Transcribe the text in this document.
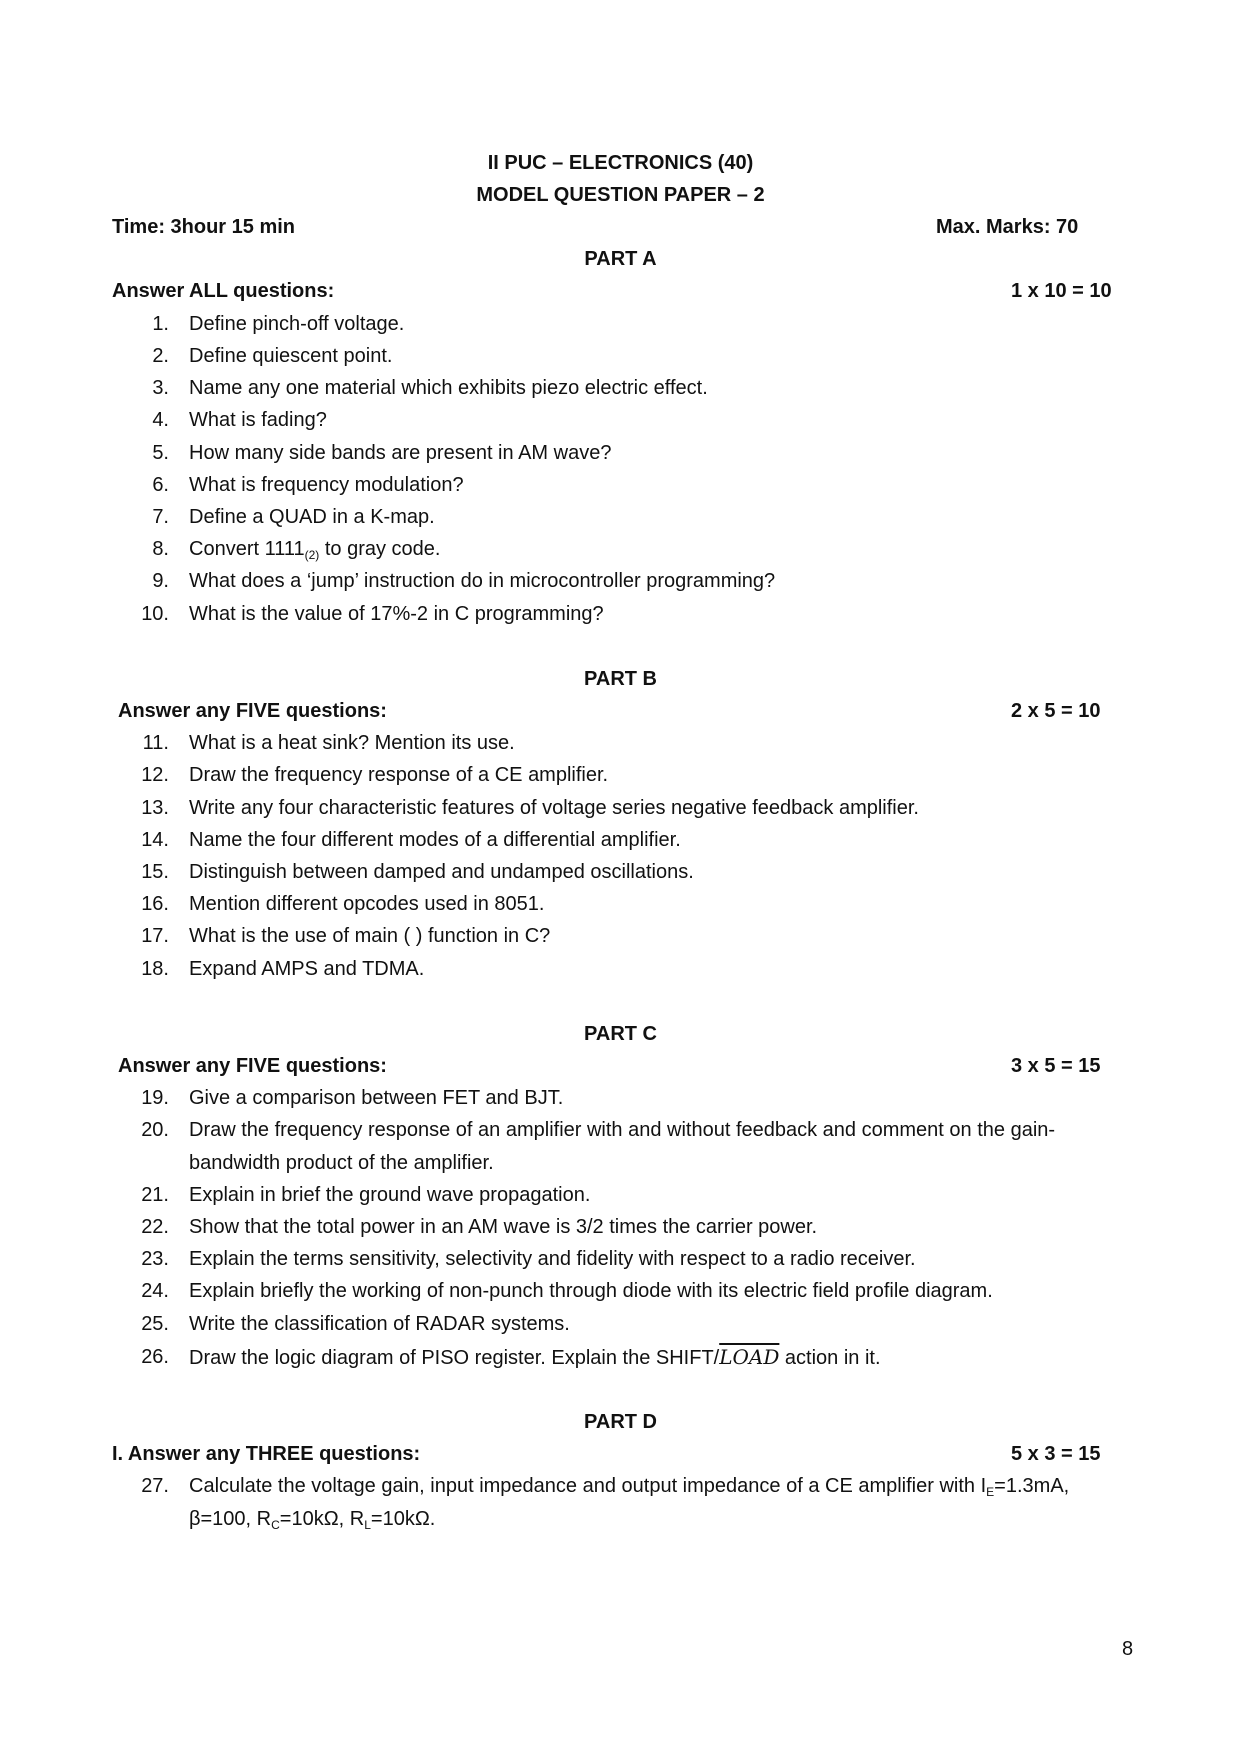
II PUC – ELECTRONICS (40)
MODEL QUESTION PAPER – 2
Time: 3hour 15 min	Max. Marks: 70
PART A
Answer ALL questions:	1 x 10 = 10
1. Define pinch-off voltage.
2. Define quiescent point.
3. Name any one material which exhibits piezo electric effect.
4. What is fading?
5. How many side bands are present in AM wave?
6. What is frequency modulation?
7. Define a QUAD in a K-map.
8. Convert $1111_{(2)}$ to gray code.
9. What does a ‘jump’ instruction do in microcontroller programming?
10. What is the value of 17%-2 in C programming?
PART B
Answer any FIVE questions:	2 x 5 = 10
11. What is a heat sink? Mention its use.
12. Draw the frequency response of a CE amplifier.
13. Write any four characteristic features of voltage series negative feedback amplifier.
14. Name the four different modes of a differential amplifier.
15. Distinguish between damped and undamped oscillations.
16. Mention different opcodes used in 8051.
17. What is the use of main ( ) function in C?
18. Expand AMPS and TDMA.
PART C
Answer any FIVE questions:	3 x 5 = 15
19. Give a comparison between FET and BJT.
20. Draw the frequency response of an amplifier with and without feedback and comment on the gain-
bandwidth product of the amplifier.
21. Explain in brief the ground wave propagation.
22. Show that the total power in an AM wave is 3/2 times the carrier power.
23. Explain the terms sensitivity, selectivity and fidelity with respect to a radio receiver.
24. Explain briefly the working of non-punch through diode with its electric field profile diagram.
25. Write the classification of RADAR systems.
26. Draw the logic diagram of PISO register. Explain the SHIFT/LOAD action in it.
PART D
I. Answer any THREE questions:	5 x 3 = 15
27. Calculate the voltage gain, input impedance and output impedance of a CE amplifier with $I_E=1.3mA$,
β=100, $R_C=10k\Omega$, $R_L=10k\Omega$.
8
